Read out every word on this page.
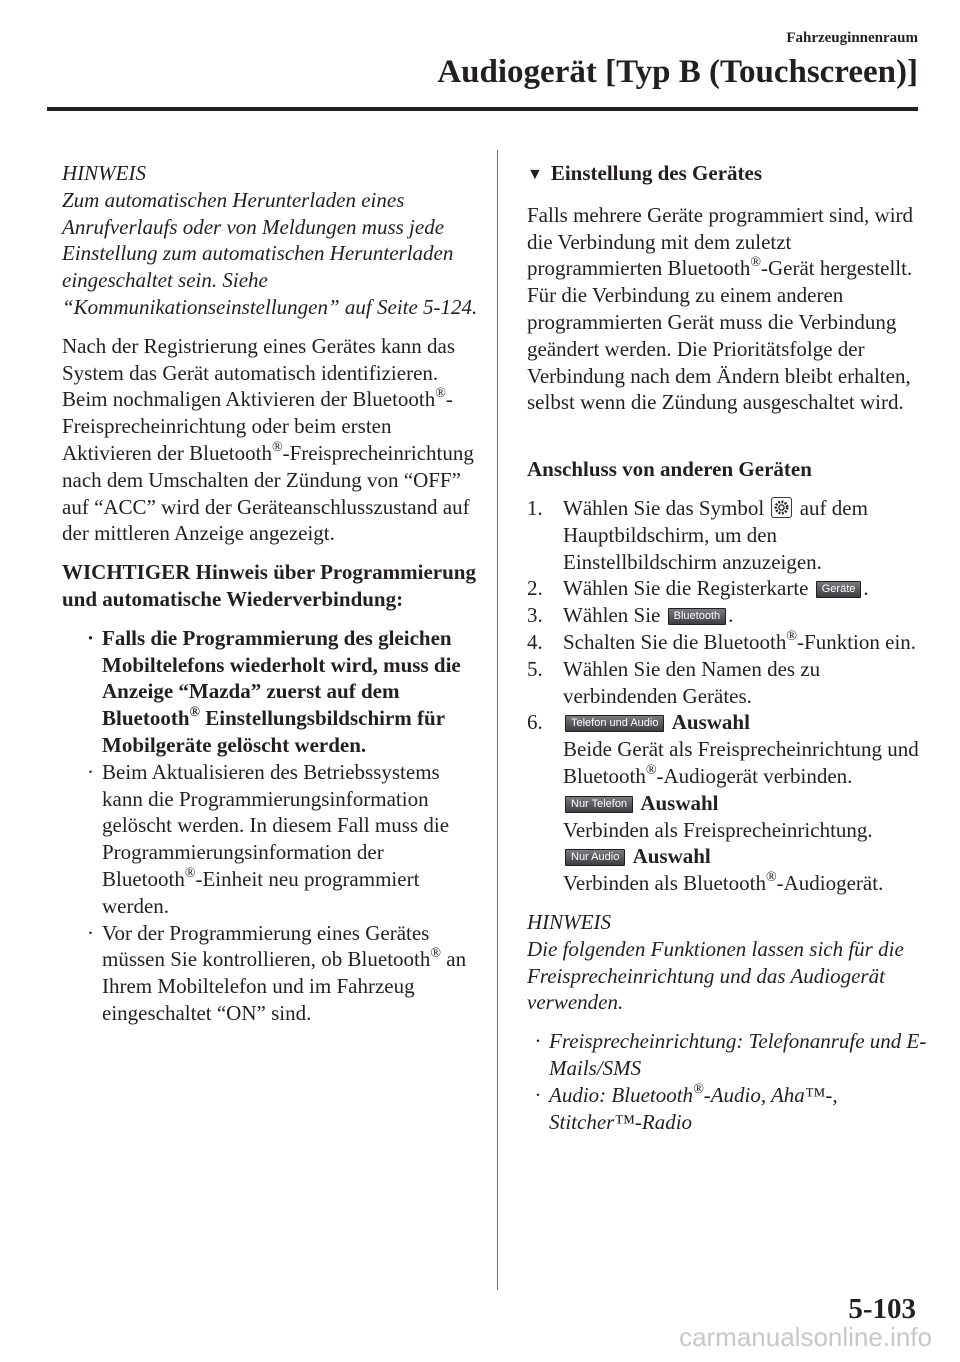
Fahrzeuginnenraum
Audiogerät [Typ B (Touchscreen)]

HINWEIS

Zum automatischen Herunterladen eines Anrufverlaufs oder von Meldungen muss jede Einstellung zum automatischen Herunterladen eingeschaltet sein. Siehe “Kommunikationseinstellungen” auf Seite 5-124.

Nach der Registrierung eines Gerätes kann das System das Gerät automatisch identifizieren. Beim nochmaligen Aktivieren der Bluetooth®-Freisprecheinrichtung oder beim ersten Aktivieren der Bluetooth®-Freisprecheinrichtung nach dem Umschalten der Zündung von “OFF” auf “ACC” wird der Geräteanschlusszustand auf der mittleren Anzeige angezeigt.

WICHTIGER Hinweis über Programmierung und automatische Wiederverbindung:

· Falls die Programmierung des gleichen Mobiltelefons wiederholt wird, muss die Anzeige “Mazda” zuerst auf dem Bluetooth® Einstellungsbildschirm für Mobilgeräte gelöscht werden.

· Beim Aktualisieren des Betriebssystems kann die Programmierungsinformation gelöscht werden. In diesem Fall muss die Programmierungsinformation der Bluetooth®-Einheit neu programmiert werden.

· Vor der Programmierung eines Gerätes müssen Sie kontrollieren, ob Bluetooth® an Ihrem Mobiltelefon und im Fahrzeug eingeschaltet “ON” sind.

▼ Einstellung des Gerätes

Falls mehrere Geräte programmiert sind, wird die Verbindung mit dem zuletzt programmierten Bluetooth®-Gerät hergestellt. Für die Verbindung zu einem anderen programmierten Gerät muss die Verbindung geändert werden. Die Prioritätsfolge der Verbindung nach dem Ändern bleibt erhalten, selbst wenn die Zündung ausgeschaltet wird.

Anschluss von anderen Geräten

1. Wählen Sie das Symbol auf dem Hauptbildschirm, um den Einstellbildschirm anzuzeigen.

2. Wählen Sie die Registerkarte Geräte .

3. Wählen Sie Bluetooth .

4. Schalten Sie die Bluetooth®-Funktion ein.

5. Wählen Sie den Namen des zu verbindenden Gerätes.

6.	Telefon und Audio Auswahl

Beide Gerät als Freisprecheinrichtung und Bluetooth®-Audiogerät verbinden.

Nur Telefon Auswahl

Verbinden als Freisprecheinrichtung.

Nur Audio Auswahl

Verbinden als Bluetooth®-Audiogerät.

HINWEIS

Die folgenden Funktionen lassen sich für die Freisprecheinrichtung und das Audiogerät verwenden.

· Freisprecheinrichtung: Telefonanrufe und E-Mails/SMS

· Audio: Bluetooth®-Audio, Aha™-, Stitcher™-Radio

5-103
carmanualsonline.info
